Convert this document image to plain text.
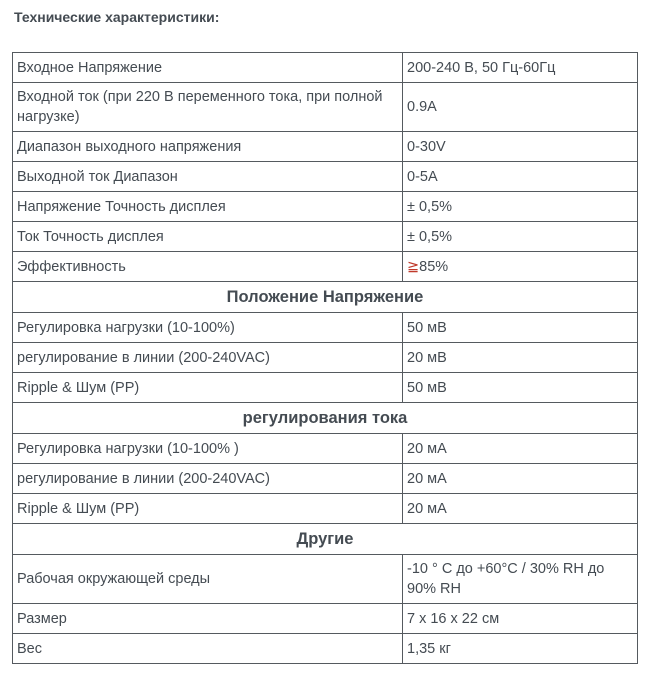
Технические характеристики:
Входное Напряжение	200-240 В, 50 Гц-60Гц
Входной ток (при 220 В переменного тока, при полной нагрузке)	0.9A
Диапазон выходного напряжения	0-30V
Выходной ток Диапазон	0-5A
Напряжение Точность дисплея	± 0,5%
Ток Точность дисплея	± 0,5%
Эффективность	≧85%
Положение Напряжение	
Регулировка нагрузки (10-100%)	50 мВ
регулирование в линии (200-240VAC)	20 мВ
Ripple & Шум (PP)	50 мВ
регулирования тока	
Регулировка нагрузки (10-100% )	20 мА
регулирование в линии (200-240VAC)	20 мА
Ripple & Шум (PP)	20 мА
Другие	
Рабочая окружающей среды	-10 ° C до +60°C / 30% RH до 90% RH
Размер	7 x 16 x 22 см
Вес	1,35 кг
